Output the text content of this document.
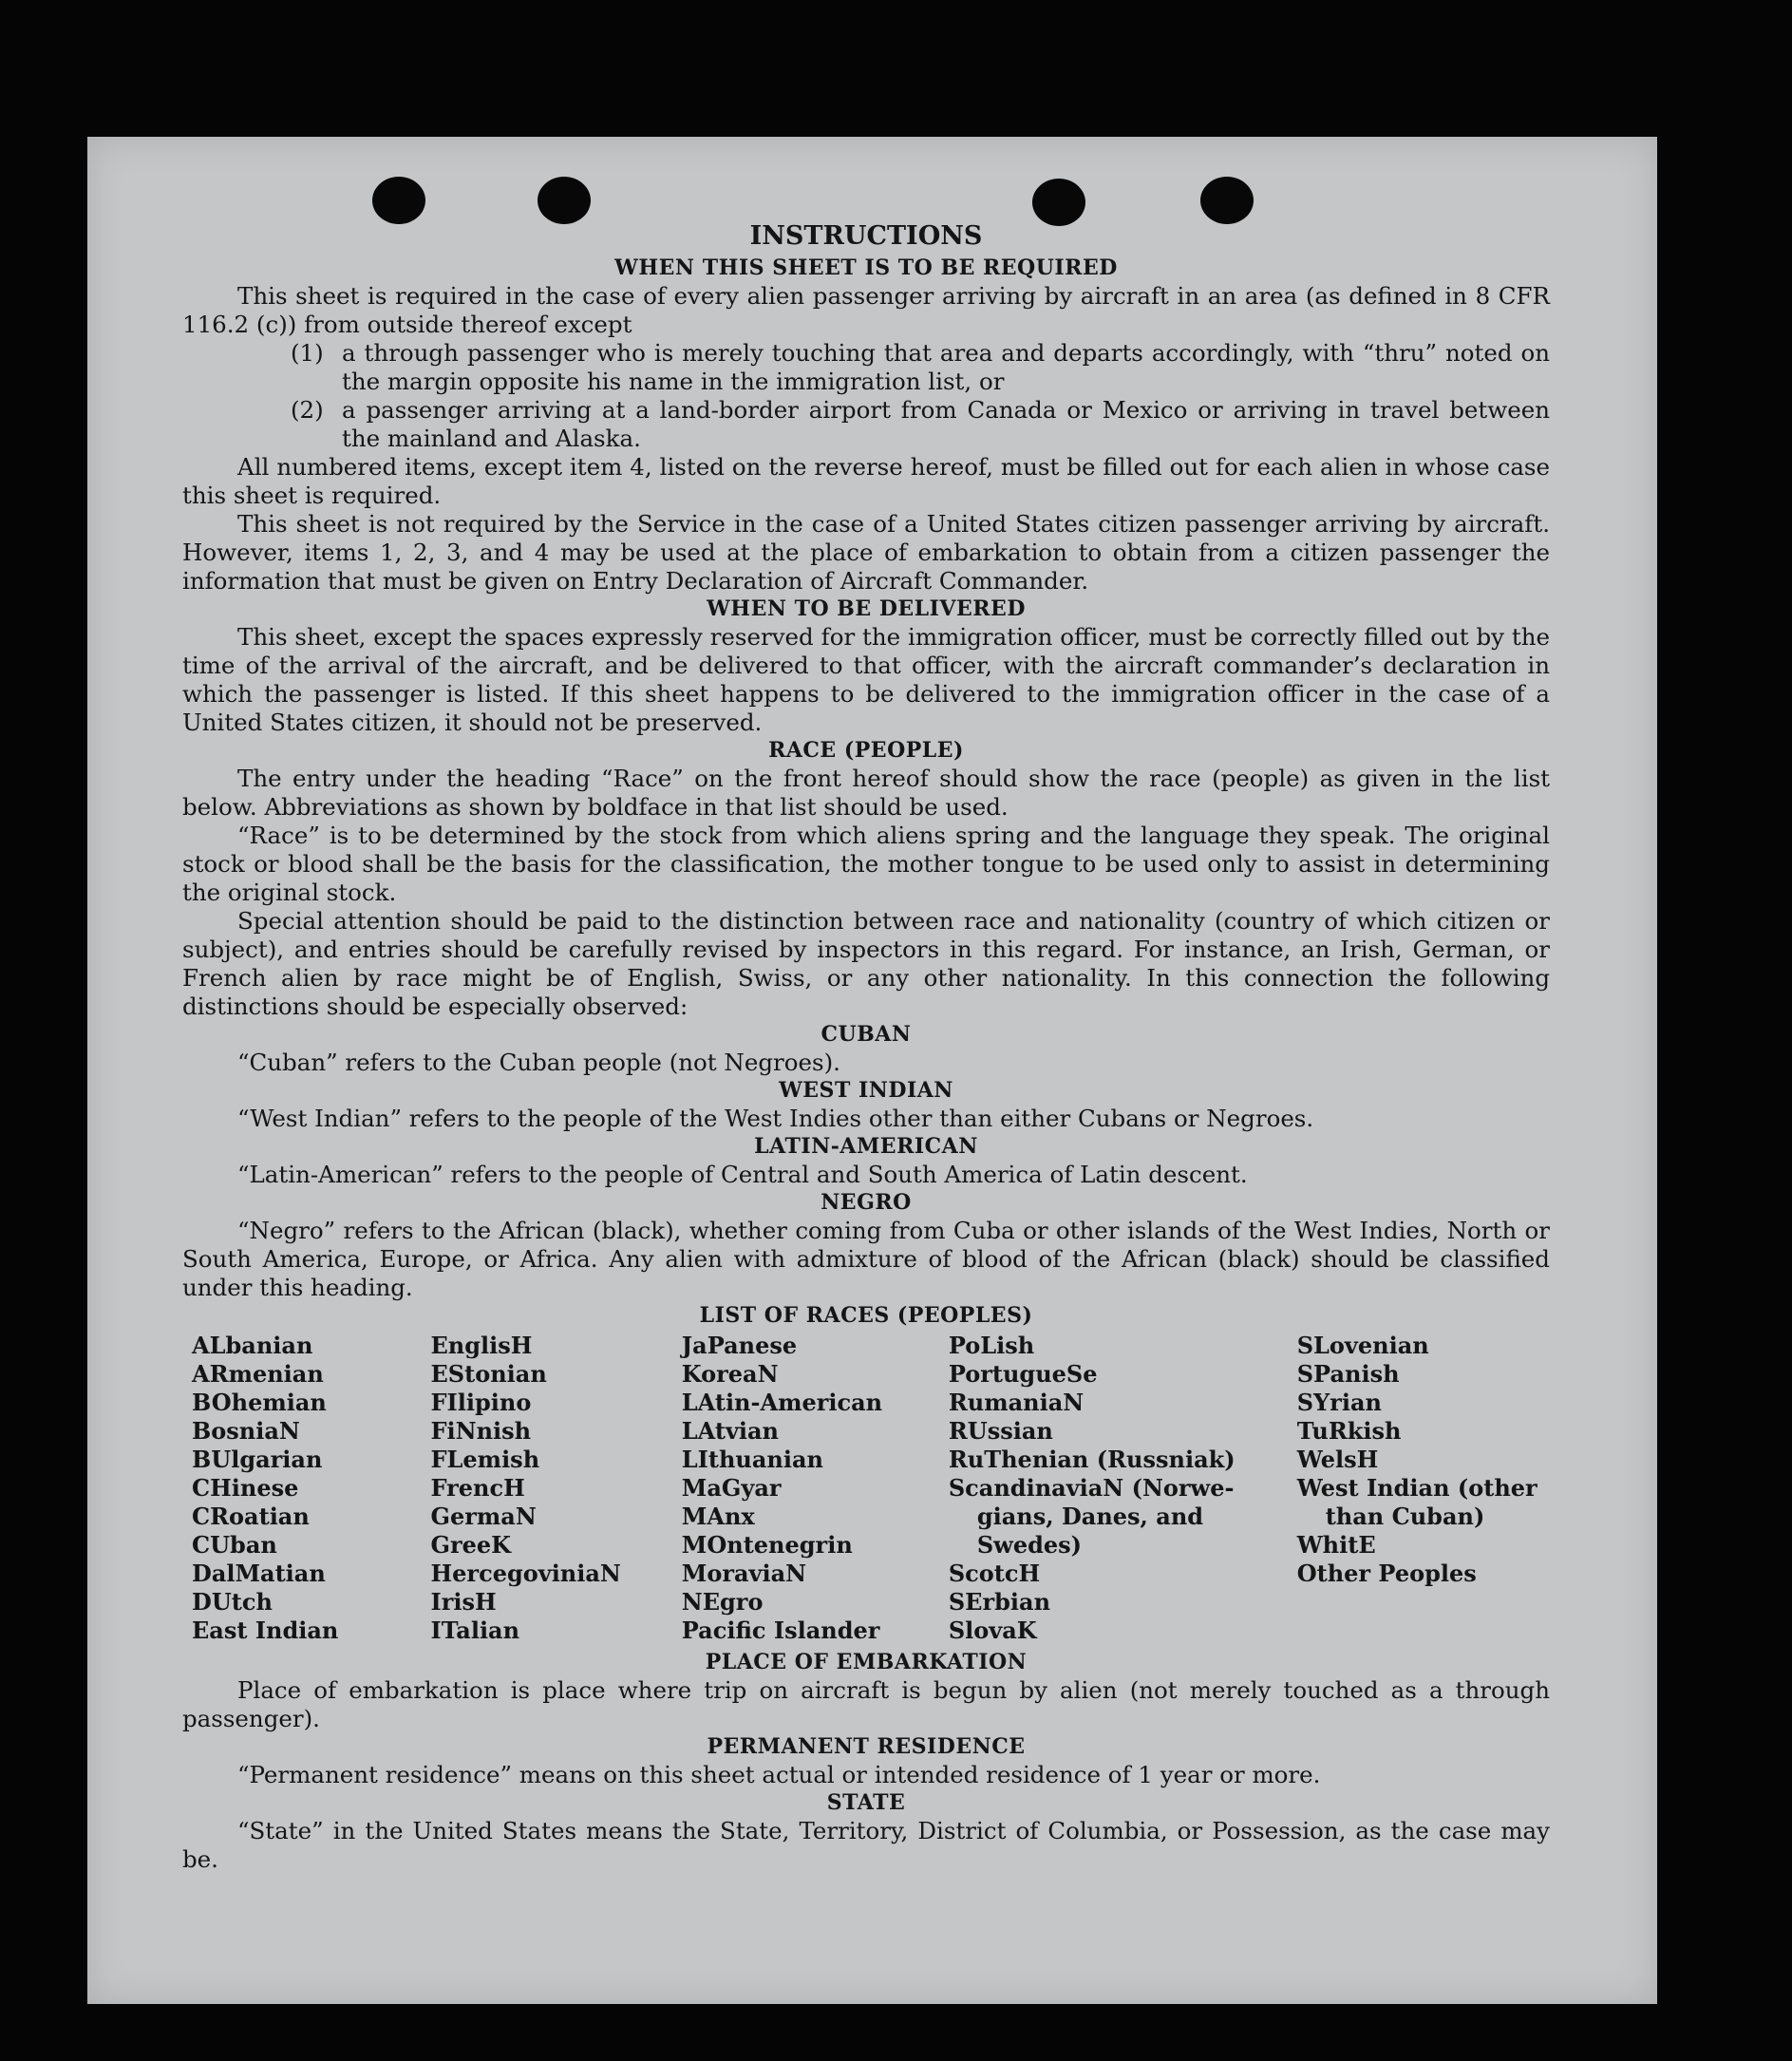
INSTRUCTIONS
WHEN THIS SHEET IS TO BE REQUIRED

This sheet is required in the case of every alien passenger arriving by aircraft in an area (as defined in 8 CFR 116.2 (c)) from outside thereof except

(1) a through passenger who is merely touching that area and departs accordingly, with “thru” noted on the margin opposite his name in the immigration list, or
(2) a passenger arriving at a land-border airport from Canada or Mexico or arriving in travel between the mainland and Alaska.

All numbered items, except item 4, listed on the reverse hereof, must be filled out for each alien in whose case this sheet is required.

This sheet is not required by the Service in the case of a United States citizen passenger arriving by aircraft. However, items 1, 2, 3, and 4 may be used at the place of embarkation to obtain from a citizen passenger the information that must be given on Entry Declaration of Aircraft Commander.

WHEN TO BE DELIVERED

This sheet, except the spaces expressly reserved for the immigration officer, must be correctly filled out by the time of the arrival of the aircraft, and be delivered to that officer, with the aircraft commander’s declaration in which the passenger is listed. If this sheet happens to be delivered to the immigration officer in the case of a United States citizen, it should not be preserved.

RACE (PEOPLE)

The entry under the heading “Race” on the front hereof should show the race (people) as given in the list below. Abbreviations as shown by boldface in that list should be used.

“Race” is to be determined by the stock from which aliens spring and the language they speak. The original stock or blood shall be the basis for the classification, the mother tongue to be used only to assist in determining the original stock.

Special attention should be paid to the distinction between race and nationality (country of which citizen or subject), and entries should be carefully revised by inspectors in this regard. For instance, an Irish, German, or French alien by race might be of English, Swiss, or any other nationality. In this connection the following distinctions should be especially observed:

CUBAN

“Cuban” refers to the Cuban people (not Negroes).

WEST INDIAN

“West Indian” refers to the people of the West Indies other than either Cubans or Negroes.

LATIN-AMERICAN

“Latin-American” refers to the people of Central and South America of Latin descent.

NEGRO

“Negro” refers to the African (black), whether coming from Cuba or other islands of the West Indies, North or South America, Europe, or Africa. Any alien with admixture of blood of the African (black) should be classified under this heading.

LIST OF RACES (PEOPLES)
ALbanian
ARmenian
BOhemian
BosniaN
BUlgarian
CHinese
CRoatian
CUban
DalMatian
DUtch
East Indian
EnglisH
EStonian
FIlipino
FiNnish
FLemish
FrencH
GermaN
GreeK
HercegoviniaN
IrisH
ITalian
JaPanese
KoreaN
LAtin-American
LAtvian
LIthuanian
MaGyar
MAnx
MOntenegrin
MoraviaN
NEgro
Pacific Islander
PoLish
PortugueSe
RumaniaN
RUssian
RuThenian (Russniak)
ScandinaviaN (Norwe-
gians, Danes, and
Swedes)
ScotcH
SErbian
SlovaK
SLovenian
SPanish
SYrian
TuRkish
WelsH
West Indian (other
than Cuban)
WhitE
Other Peoples
PLACE OF EMBARKATION

Place of embarkation is place where trip on aircraft is begun by alien (not merely touched as a through passenger).

PERMANENT RESIDENCE

“Permanent residence” means on this sheet actual or intended residence of 1 year or more.

STATE

“State” in the United States means the State, Territory, District of Columbia, or Possession, as the case may be.
